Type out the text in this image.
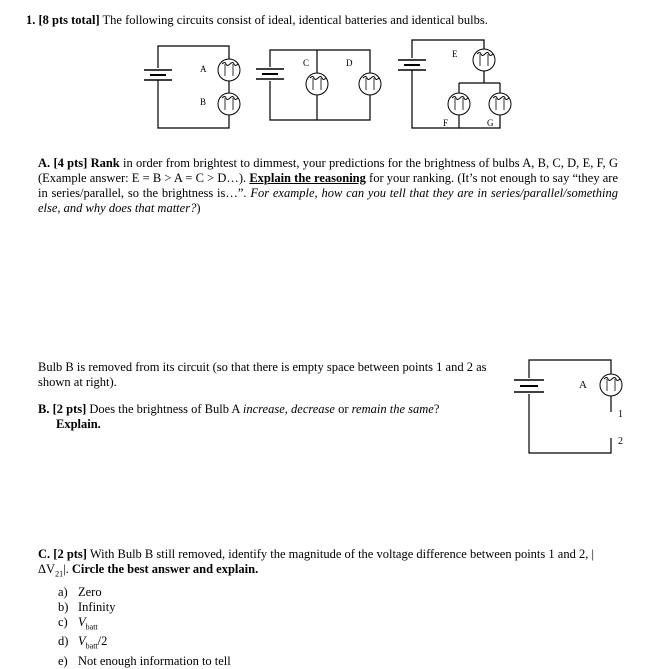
1. [8 pts total] The following circuits consist of ideal, identical batteries and identical bulbs.
A
B
C	D
E
F	G
A. [4 pts] Rank in order from brightest to dimmest, your predictions for the brightness of bulbs A, B, C, D, E, F, G (Example answer: E = B > A = C > D…). Explain the reasoning for your ranking. (It’s not enough to say “they are in series/parallel, so the brightness is…”. For example, how can you tell that they are in series/parallel/something else, and why does that matter?)
Bulb B is removed from its circuit (so that there is empty space between points 1 and 2 as shown at right).
B. [2 pts] Does the brightness of Bulb A increase, decrease or remain the same?
Explain.
A
1
2
C. [2 pts] With Bulb B still removed, identify the magnitude of the voltage difference between points 1 and 2, $|\Delta V_{21}|$. Circle the best answer and explain.
a) Zero
b) Infinity
c) $V_{batt}$
d) $V_{batt}/2$
e) Not enough information to tell
